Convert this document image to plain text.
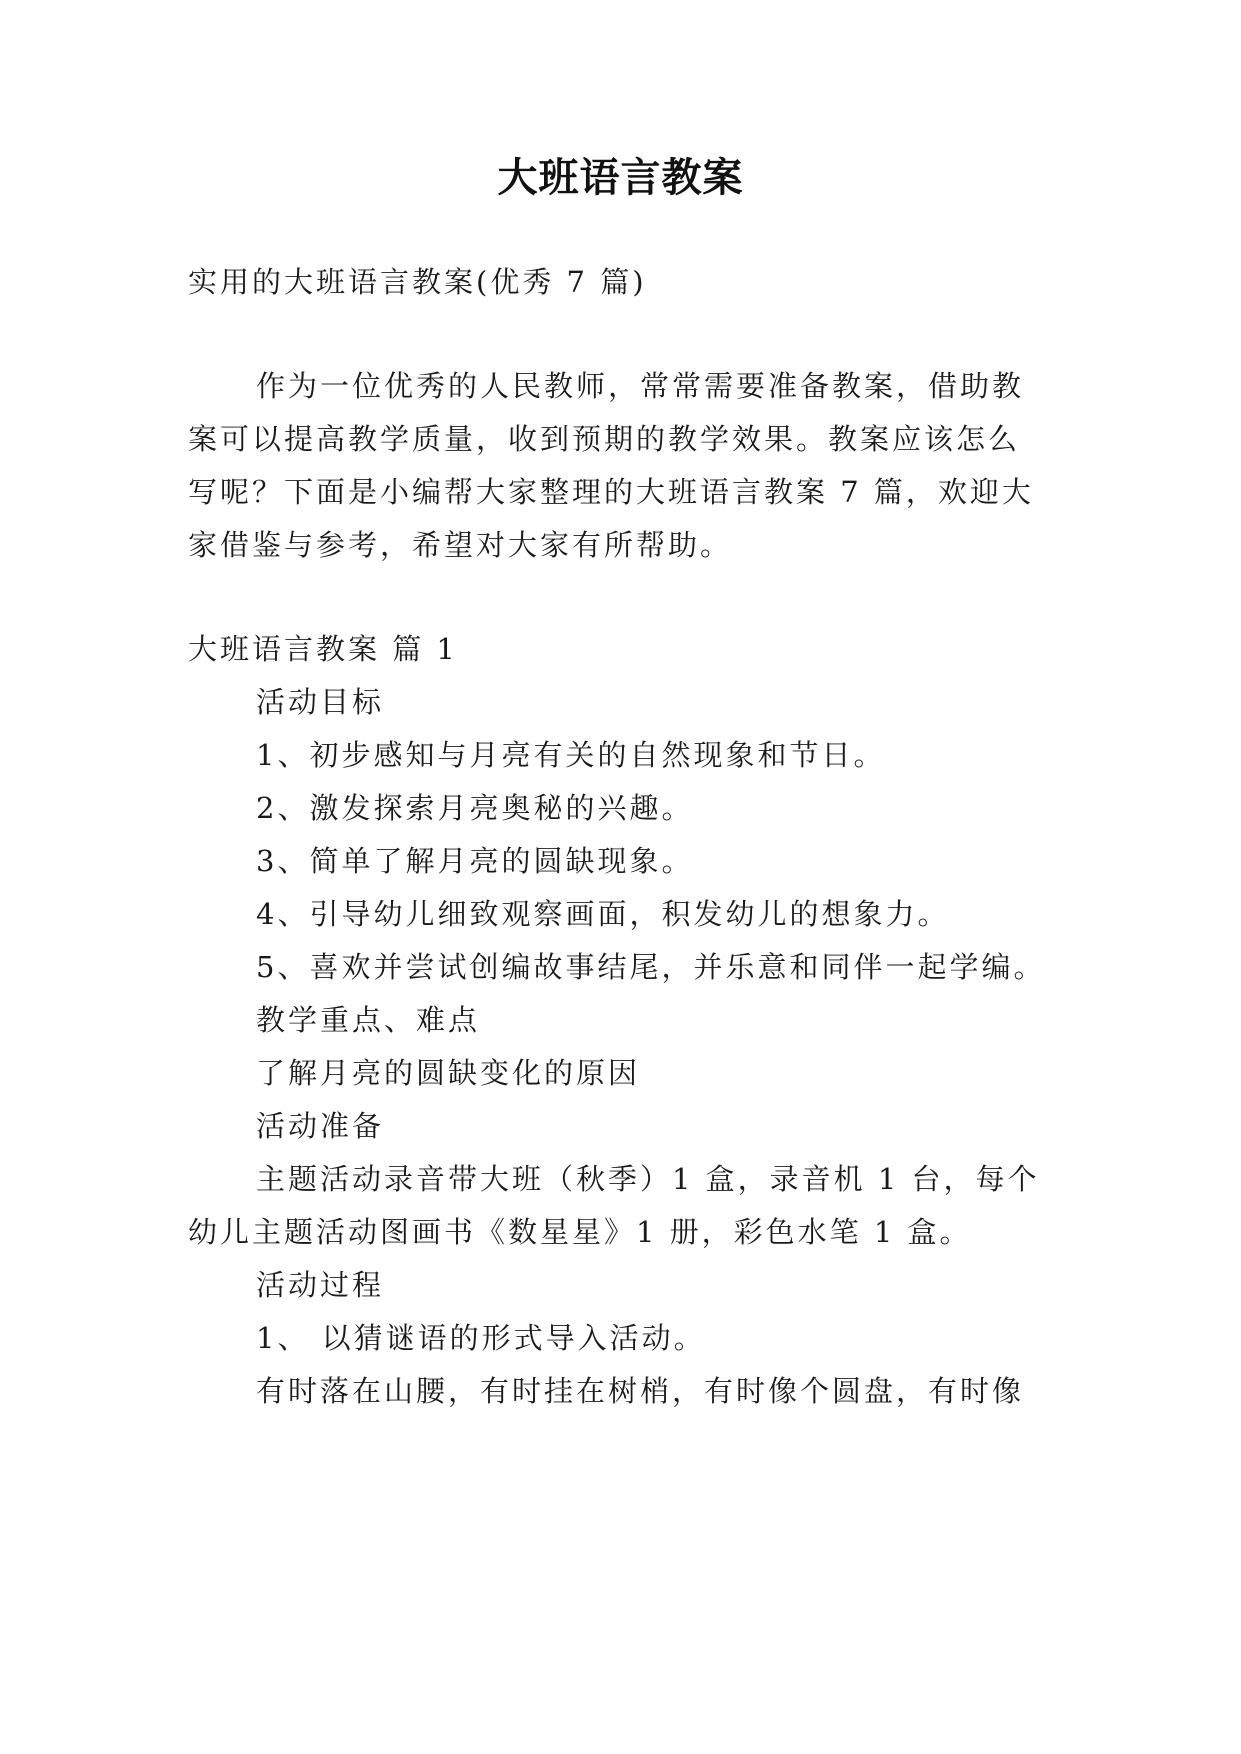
大班语言教案
实用的大班语言教案(优秀 7 篇)
作为一位优秀的人民教师，常常需要准备教案，借助教
案可以提高教学质量，收到预期的教学效果。教案应该怎么
写呢？下面是小编帮大家整理的大班语言教案 7 篇，欢迎大
家借鉴与参考，希望对大家有所帮助。
大班语言教案 篇 1
活动目标
1、初步感知与月亮有关的自然现象和节日。
2、激发探索月亮奥秘的兴趣。
3、简单了解月亮的圆缺现象。
4、引导幼儿细致观察画面，积发幼儿的想象力。
5、喜欢并尝试创编故事结尾，并乐意和同伴一起学编。
教学重点、难点
了解月亮的圆缺变化的原因
活动准备
主题活动录音带大班（秋季）1 盒，录音机 1 台，每个
幼儿主题活动图画书《数星星》1 册，彩色水笔 1 盒。
活动过程
1、 以猜谜语的形式导入活动。
有时落在山腰，有时挂在树梢，有时像个圆盘，有时像
